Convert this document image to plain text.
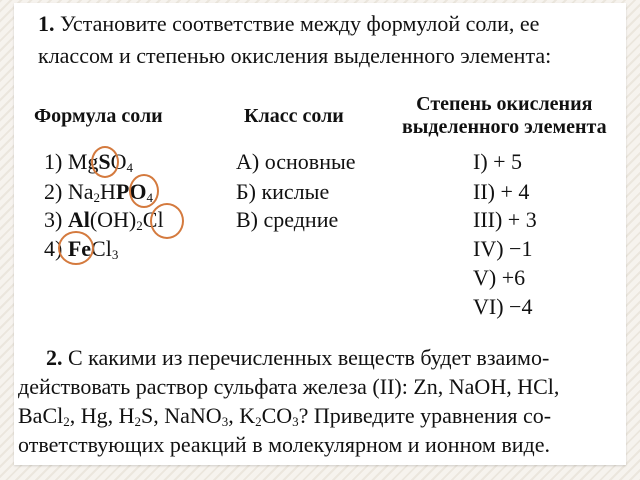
1. Установите соответствие между формулой соли, ее
классом и степенью окисления выделенного элемента:
Формула соли	Класс соли
Степень окисления
выделенного элемента
1) MgSO$_4$
2) $Na_2HPO_4$
3) $Al(OH)_2Cl$
4) FeCl$_3$
А) основные
Б) кислые
В) средние
I) + 5
II) + 4
III) + 3
IV) −1
V) +6
VI) −4
2. С какими из перечисленных веществ будет взаимо-
действовать раствор сульфата железа (II): Zn, NaOH, HCl,
BaCl$_2$, Hg, $H_2S$, NaNO$_3$, $K_2CO_3$? Приведите уравнения со-
ответствующих реакций в молекулярном и ионном виде.
